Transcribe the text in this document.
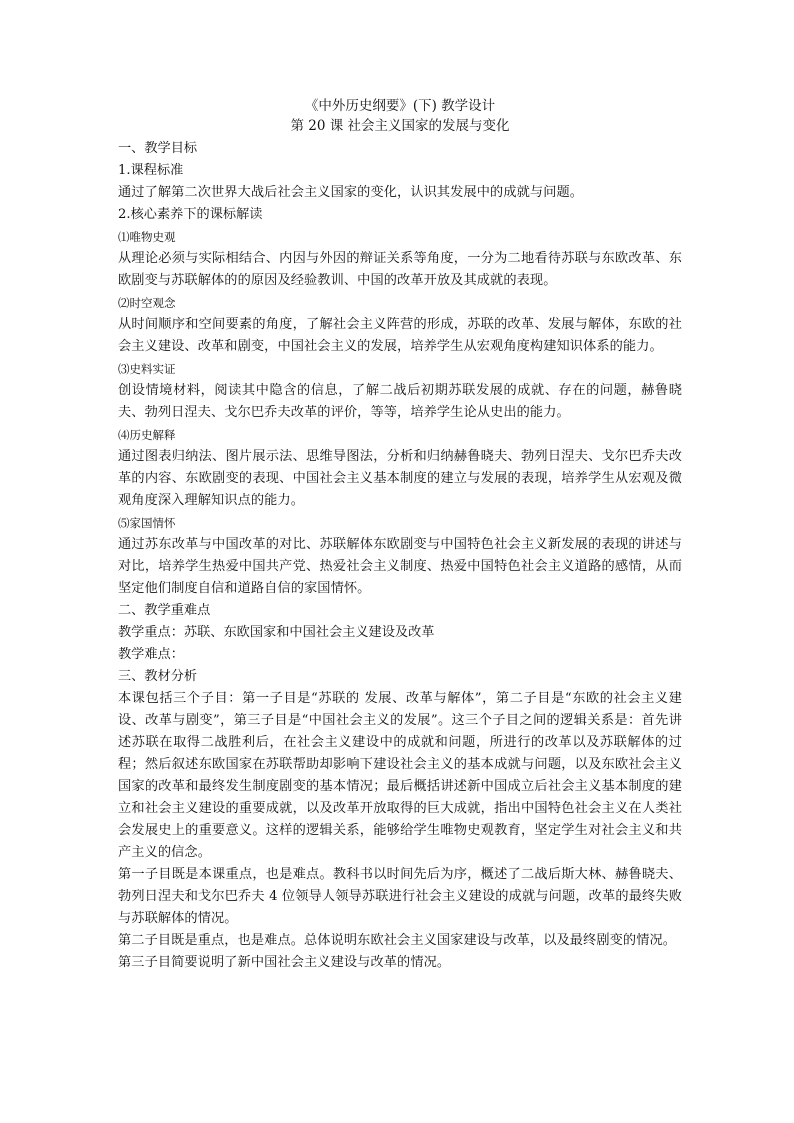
《中外历史纲要》(下) 教学设计

第 20 课 社会主义国家的发展与变化

一、教学目标

1.课程标准

通过了解第二次世界大战后社会主义国家的变化，认识其发展中的成就与问题。

2.核心素养下的课标解读

⑴唯物史观

从理论必须与实际相结合、内因与外因的辩证关系等角度，一分为二地看待苏联与东欧改革、东欧剧变与苏联解体的的原因及经验教训、中国的改革开放及其成就的表现。

⑵时空观念

从时间顺序和空间要素的角度，了解社会主义阵营的形成，苏联的改革、发展与解体，东欧的社会主义建设、改革和剧变，中国社会主义的发展，培养学生从宏观角度构建知识体系的能力。

⑶史料实证

创设情境材料，阅读其中隐含的信息，了解二战后初期苏联发展的成就、存在的问题，赫鲁晓夫、勃列日涅夫、戈尔巴乔夫改革的评价，等等，培养学生论从史出的能力。

⑷历史解释

通过图表归纳法、图片展示法、思维导图法，分析和归纳赫鲁晓夫、勃列日涅夫、戈尔巴乔夫改革的内容、东欧剧变的表现、中国社会主义基本制度的建立与发展的表现，培养学生从宏观及微观角度深入理解知识点的能力。

⑸家国情怀

通过苏东改革与中国改革的对比、苏联解体东欧剧变与中国特色社会主义新发展的表现的讲述与对比，培养学生热爱中国共产党、热爱社会主义制度、热爱中国特色社会主义道路的感情，从而坚定他们制度自信和道路自信的家国情怀。

二、教学重难点

教学重点：苏联、东欧国家和中国社会主义建设及改革

教学难点：

三、教材分析

本课包括三个子目：第一子目是“苏联的 发展、改革与解体”，第二子目是“东欧的社会主义建设、改革与剧变”，第三子目是“中国社会主义的发展”。这三个子目之间的逻辑关系是：首先讲述苏联在取得二战胜利后，在社会主义建设中的成就和问题，所进行的改革以及苏联解体的过程；然后叙述东欧国家在苏联帮助却影响下建设社会主义的基本成就与问题，以及东欧社会主义国家的改革和最终发生制度剧变的基本情况；最后概括讲述新中国成立后社会主义基本制度的建立和社会主义建设的重要成就，以及改革开放取得的巨大成就，指出中国特色社会主义在人类社会发展史上的重要意义。这样的逻辑关系，能够给学生唯物史观教育，坚定学生对社会主义和共产主义的信念。

第一子目既是本课重点，也是难点。教科书以时间先后为序，概述了二战后斯大林、赫鲁晓夫、勃列日涅夫和戈尔巴乔夫 4 位领导人领导苏联进行社会主义建设的成就与问题，改革的最终失败与苏联解体的情况。

第二子目既是重点，也是难点。总体说明东欧社会主义国家建设与改革，以及最终剧变的情况。

第三子目简要说明了新中国社会主义建设与改革的情况。
